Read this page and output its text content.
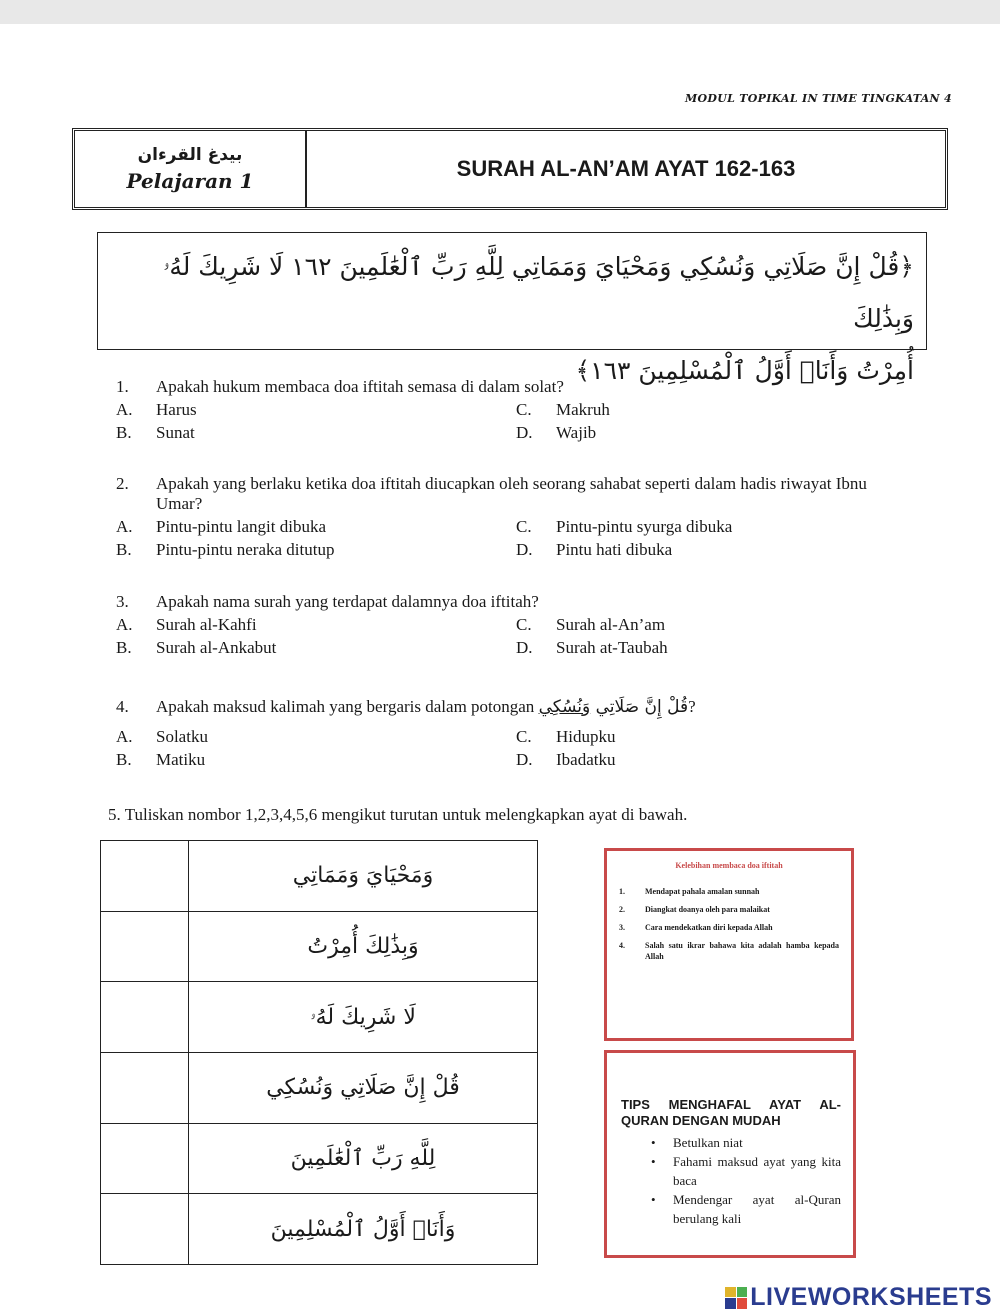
MODUL TOPIKAL IN TIME TINGKATAN 4
بيدغ القرءان
Pelajaran 1	SURAH AL-AN’AM AYAT 162-163
﴿قُلْ إِنَّ صَلَاتِي وَنُسُكِي وَمَحْيَايَ وَمَمَاتِي لِلَّهِ رَبِّ ٱلْعَٰلَمِينَ ١٦٢ لَا شَرِيكَ لَهُۥ وَبِذَٰلِكَ
أُمِرْتُ وَأَنَا۠ أَوَّلُ ٱلْمُسْلِمِينَ ١٦٣﴾
1.	Apakah hukum membaca doa iftitah semasa di dalam solat?
A.	Harus	C.	Makruh
B.	Sunat	D.	Wajib
2.	Apakah yang berlaku ketika doa iftitah diucapkan oleh seorang sahabat seperti dalam hadis riwayat Ibnu Umar?
A.	Pintu-pintu langit dibuka	C.	Pintu-pintu syurga dibuka
B.	Pintu-pintu neraka ditutup	D.	Pintu hati dibuka
3.	Apakah nama surah yang terdapat dalamnya doa iftitah?
A.	Surah al-Kahfi	C.	Surah al-An’am
B.	Surah al-Ankabut	D.	Surah at-Taubah
4.	Apakah maksud kalimah yang bergaris dalam potongan	قُلْ إِنَّ صَلَاتِي وَنُسُكِي	?
A.	Solatku	C.	Hidupku
B.	Matiku	D.	Ibadatku
5. Tuliskan nombor 1,2,3,4,5,6 mengikut turutan untuk melengkapkan ayat di bawah.
	وَمَحْيَايَ وَمَمَاتِي
	وَبِذَٰلِكَ أُمِرْتُ
	لَا شَرِيكَ لَهُۥ
	قُلْ إِنَّ صَلَاتِي وَنُسُكِي
	لِلَّهِ رَبِّ ٱلْعَٰلَمِينَ
	وَأَنَا۠ أَوَّلُ ٱلْمُسْلِمِينَ
Kelebihan membaca doa iftitah
1.	Mendapat pahala amalan sunnah
2.	Diangkat doanya oleh para malaikat
3.	Cara mendekatkan diri kepada Allah
4.	Salah satu ikrar bahawa kita adalah hamba kepada Allah
TIPS MENGHAFAL AYAT AL-QURAN DENGAN MUDAH
• Betulkan niat
• Fahami maksud ayat yang kita baca
• Mendengar ayat al-Quran berulang kali
LIVEWORKSHEETS
